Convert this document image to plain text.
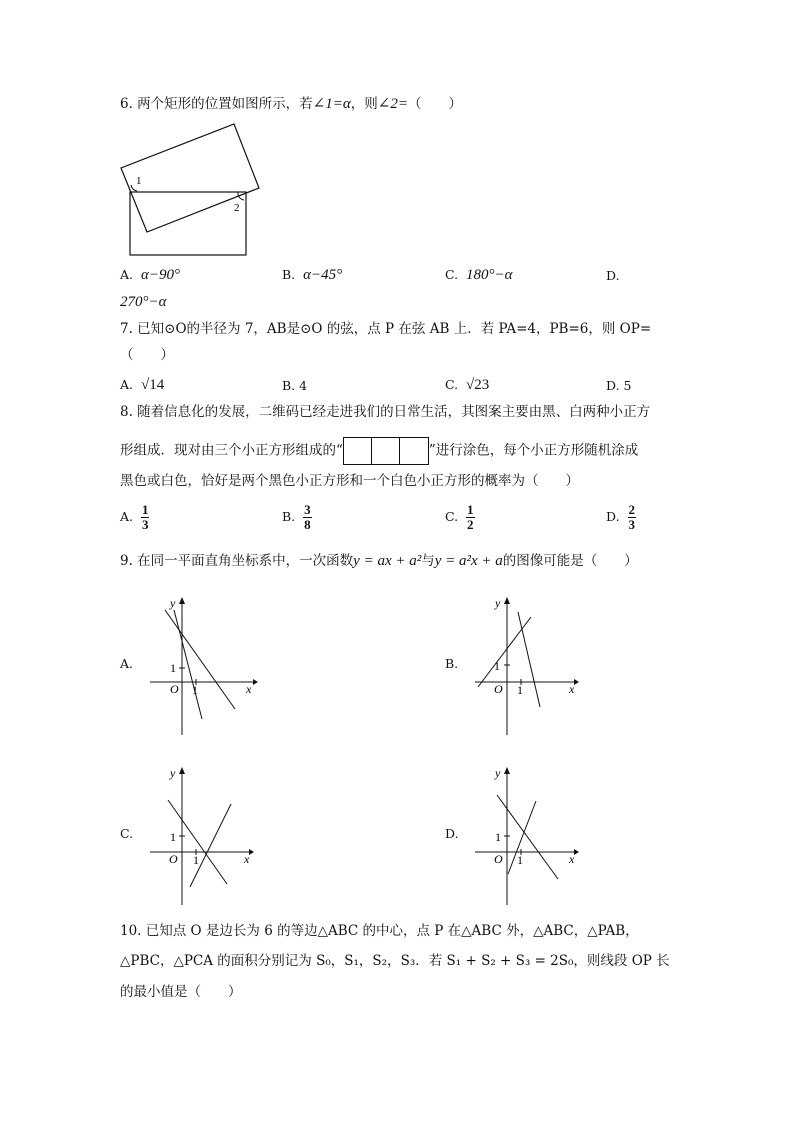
6. 两个矩形的位置如图所示，若∠1=α，则∠2=（　　）
1
2
A. α−90°	B. α−45°	C. 180°−α	D.
270°−α
7. 已知⊙O的半径为 7，AB是⊙O 的弦，点 P 在弦 AB 上．若 PA=4，PB=6，则 OP=
（　　）
A. √14	B. 4	C. √23	D. 5
8. 随着信息化的发展，二维码已经走进我们的日常生活，其图案主要由黑、白两种小正方
形组成．现对由三个小正方形组成的“	”进行涂色，每个小正方形随机涂成
黑色或白色，恰好是两个黑色小正方形和一个白色小正方形的概率为（　　）
A. $\frac{1}{3}$	B. $\frac{3}{8}$	C. $\frac{1}{2}$	D. $\frac{2}{3}$
9. 在同一平面直角坐标系中，一次函数y = ax + a²与y = a²x + a的图像可能是（　　）
A.
y
x
O
1
1
B.
y
x
O
1
1
C.
y
x
O
1
1
D.
y
x
O
1
1
10. 已知点 O 是边长为 6 的等边△ABC 的中心，点 P 在△ABC 外，△ABC，△PAB，
△PBC，△PCA 的面积分别记为 S₀，S₁，S₂，S₃．若 S₁ + S₂ + S₃ = 2S₀，则线段 OP 长
的最小值是（　　）
